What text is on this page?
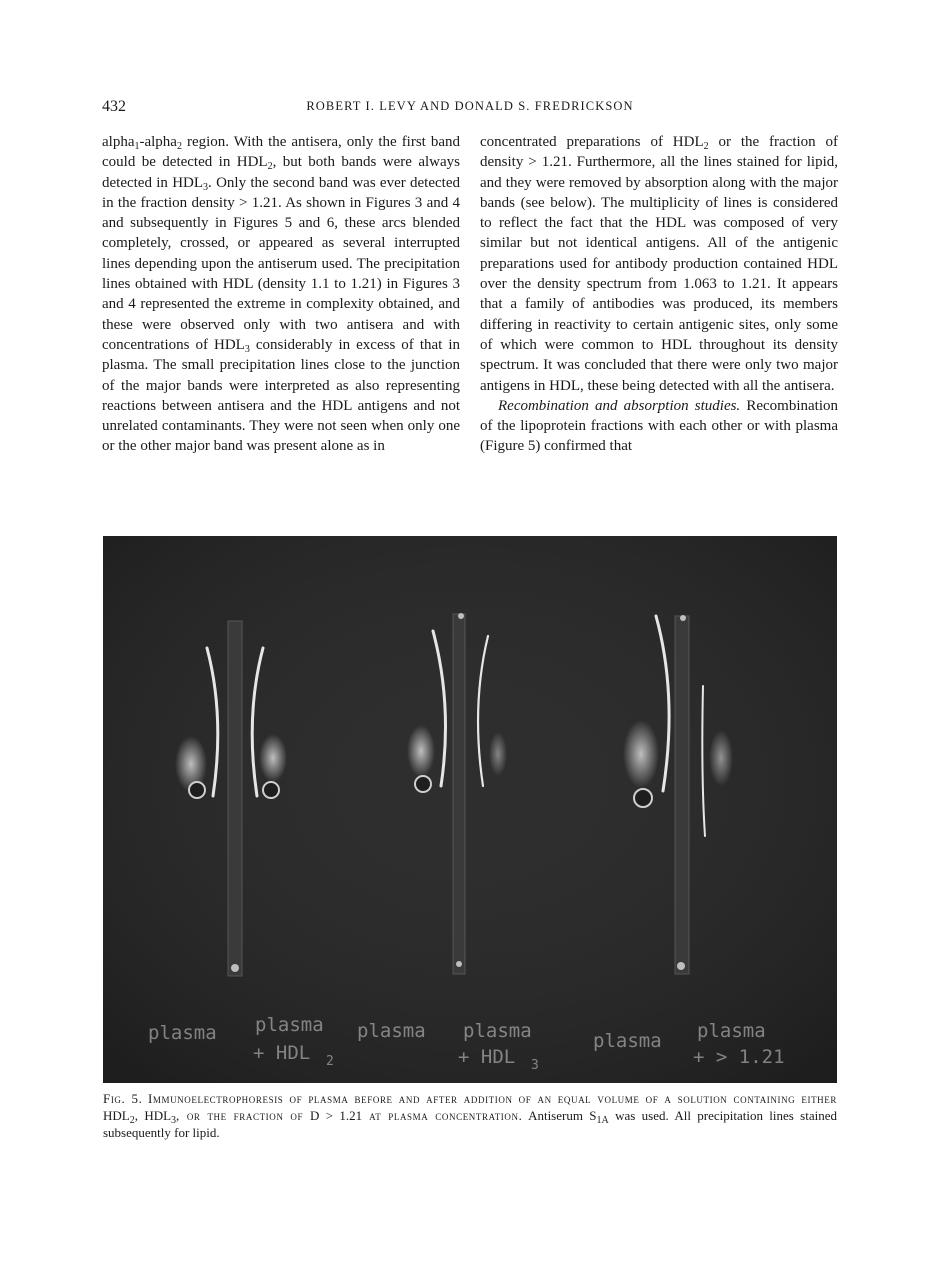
432	ROBERT I. LEVY AND DONALD S. FREDRICKSON

alpha$_1$-alpha$_2$ region. With the antisera, only the first band could be detected in $HDL_2$, but both bands were always detected in $HDL_3$. Only the second band was ever detected in the fraction density > 1.21. As shown in Figures 3 and 4 and subsequently in Figures 5 and 6, these arcs blended completely, crossed, or appeared as several interrupted lines depending upon the antiserum used. The precipitation lines obtained with HDL (density 1.1 to 1.21) in Figures 3 and 4 represented the extreme in complexity obtained, and these were observed only with two antisera and with concentrations of $HDL_3$ considerably in excess of that in plasma. The small precipitation lines close to the junction of the major bands were interpreted as also representing reactions between antisera and the HDL antigens and not unrelated contaminants. They were not seen when only one or the other major band was present alone as in

concentrated preparations of $HDL_2$ or the fraction of density > 1.21. Furthermore, all the lines stained for lipid, and they were removed by absorption along with the major bands (see below). The multiplicity of lines is considered to reflect the fact that the HDL was composed of very similar but not identical antigens. All of the antigenic preparations used for antibody production contained HDL over the density spectrum from 1.063 to 1.21. It appears that a family of antibodies was produced, its members differing in reactivity to certain antigenic sites, only some of which were common to HDL throughout its density spectrum. It was concluded that there were only two major antigens in HDL, these being detected with all the antisera.

Recombination and absorption studies. Recombination of the lipoprotein fractions with each other or with plasma (Figure 5) confirmed that

plasma plasma
+ HDL 2
plasma plasma
+ HDL 3
plasma plasma
+ > 1.21
Fig. 5. Immunoelectrophoresis of plasma before and after addition of an equal volume of a solution containing either $HDL_2$, $HDL_3$, or the fraction of D > 1.21 at plasma concentration. Antiserum $S_{1A}$ was used. All precipitation lines stained subsequently for lipid.
